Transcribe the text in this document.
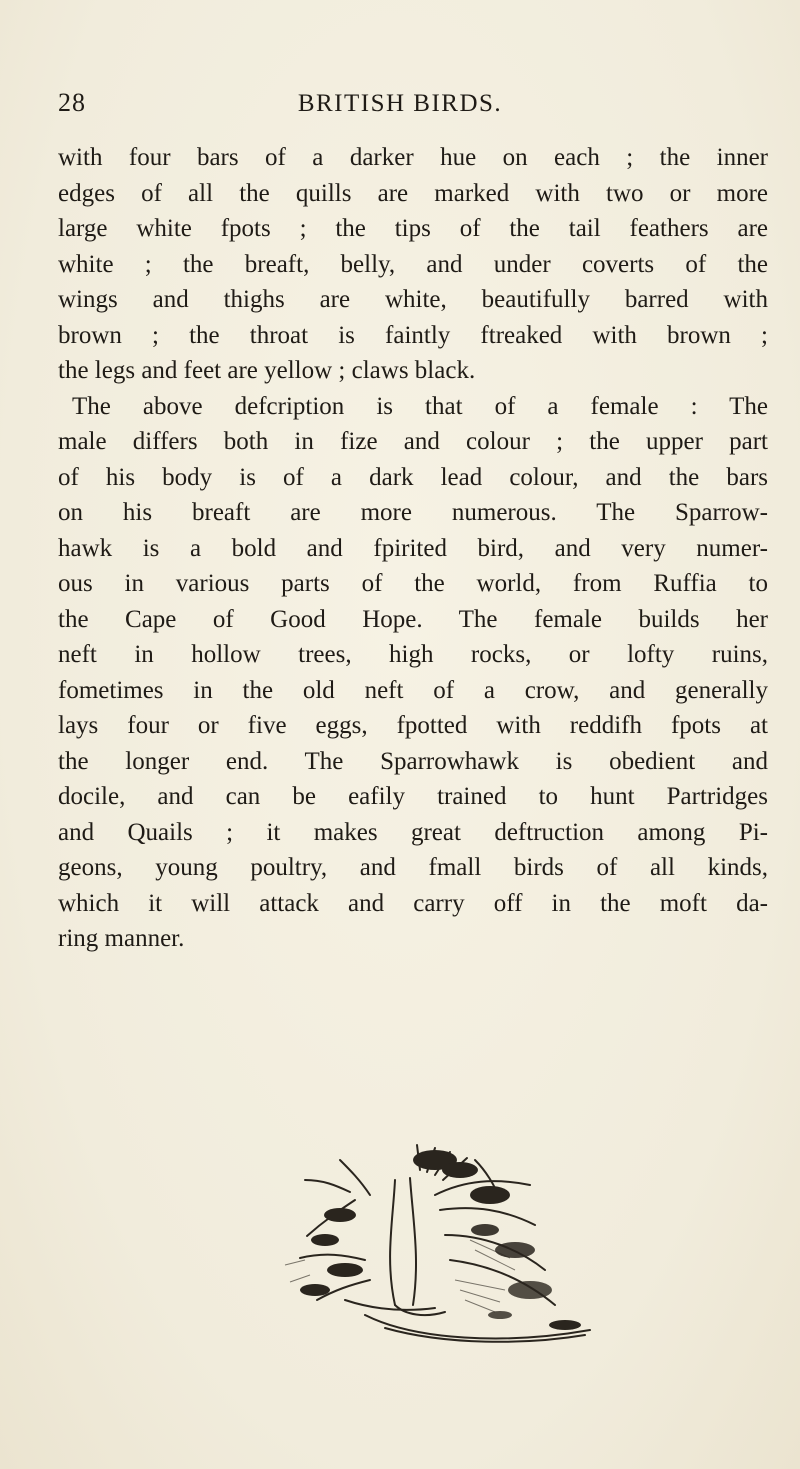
28	BRITISH BIRDS.
with four bars of a darker hue on each ; the inner
edges of all the quills are marked with two or more
large white fpots ; the tips of the tail feathers are
white ; the breaft, belly, and under coverts of the
wings and thighs are white, beautifully barred with
brown ; the throat is faintly ftreaked with brown ;
the legs and feet are yellow ; claws black.
The above defcription is that of a female : The
male differs both in fize and colour ; the upper part
of his body is of a dark lead colour, and the bars
on his breaft are more numerous. The Sparrow-
hawk is a bold and fpirited bird, and very numer-
ous in various parts of the world, from Ruffia to
the Cape of Good Hope. The female builds her
neft in hollow trees, high rocks, or lofty ruins,
fometimes in the old neft of a crow, and generally
lays four or five eggs, fpotted with reddifh fpots at
the longer end. The Sparrowhawk is obedient and
docile, and can be eafily trained to hunt Partridges
and Quails ; it makes great deftruction among Pi-
geons, young poultry, and fmall birds of all kinds,
which it will attack and carry off in the moft da-
ring manner.
